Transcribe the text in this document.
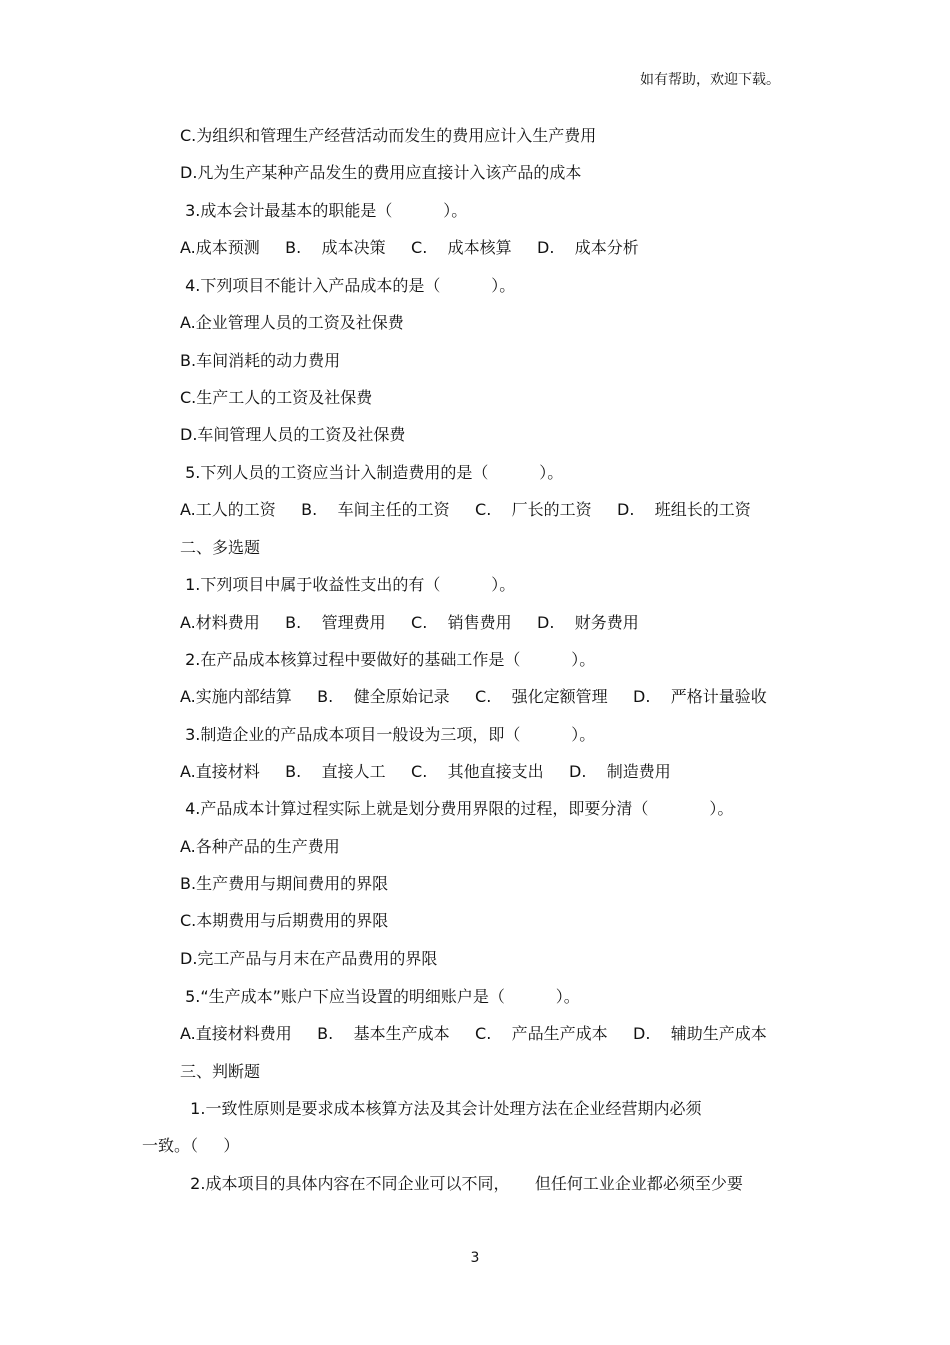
如有帮助，欢迎下载。
C.为组织和管理生产经营活动而发生的费用应计入生产费用
D.凡为生产某种产品发生的费用应直接计入该产品的成本
3.成本会计最基本的职能是（          ）。
A.成本预测     B.    成本决策     C.    成本核算     D.    成本分析
4.下列项目不能计入产品成本的是（          ）。
A.企业管理人员的工资及社保费
B.车间消耗的动力费用
C.生产工人的工资及社保费
D.车间管理人员的工资及社保费
5.下列人员的工资应当计入制造费用的是（          ）。
A.工人的工资     B.    车间主任的工资     C.    厂长的工资     D.    班组长的工资
二、多选题
1.下列项目中属于收益性支出的有（          ）。
A.材料费用     B.    管理费用     C.    销售费用     D.    财务费用
2.在产品成本核算过程中要做好的基础工作是（          ）。
A.实施内部结算     B.    健全原始记录     C.    强化定额管理     D.    严格计量验收
3.制造企业的产品成本项目一般设为三项，即（          ）。
A.直接材料     B.    直接人工     C.    其他直接支出     D.    制造费用
4.产品成本计算过程实际上就是划分费用界限的过程，即要分清（            ）。
A.各种产品的生产费用
B.生产费用与期间费用的界限
C.本期费用与后期费用的界限
D.完工产品与月末在产品费用的界限
5.“生产成本”账户下应当设置的明细账户是（          ）。
A.直接材料费用     B.    基本生产成本     C.    产品生产成本     D.    辅助生产成本
三、判断题
1.一致性原则是要求成本核算方法及其会计处理方法在企业经营期内必须
一致。（     ）
2.成本项目的具体内容在不同企业可以不同，     但任何工业企业都必须至少要
3
